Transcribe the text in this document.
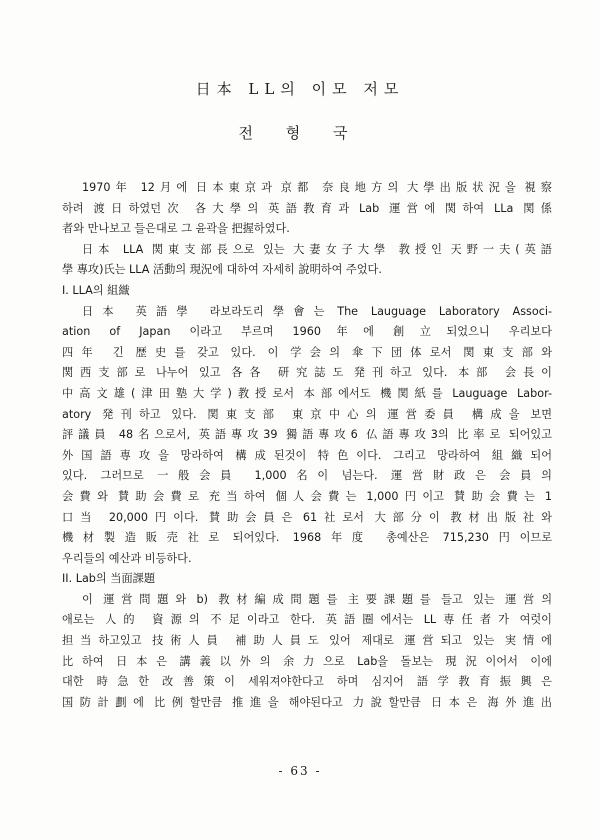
日本 LL의 이모 저모
전 형 국
1970年 12月에 日本東京과 京都 奈良地方의 大學出版状況을 視察
하려 渡日하였던次 各大學의 英語教育과 Lab 運営에 関하여 LLa 関係
者와 만나보고 들은대로 그 윤곽을 把握하였다.
日本 LLA 関東支部長으로 있는 大妻女子大學 教授인 天野一夫(英語
學 專攻)氏는 LLA 活動의 現況에 대하여 자세히 說明하여 주었다.
I. LLA의 組織
日本 英語學 라보라도리學會는 The Lauguage Laboratory Associ-
ation of Japan 이라고 부르며 1960年에 創立되었으니 우리보다
四年 긴 歴史를 갖고 있다. 이 学会의 傘下団体로서 関東支部와
関西支部로 나누어 있고 各各 研究誌도 発刊하고 있다. 本部 会長이
中高文雄(津田塾大学)教授로서 本部에서도 機関紙를 Lauguage Labor-
atory 発刊하고 있다. 関東支部 東京中心의 運営委員 構成을 보면
評議員 48名으로서, 英語專攻39 獨語專攻6 仏語專攻3의 比率로 되어있고
外国語専攻을 망라하여 構成된것이 特色이다. 그리고 망라하여 組織되어
있다. 그러므로 一般会員 1,000名이 넘는다. 運営財政은 会員의
会費와 賛助会費로 充当하여 個人会費는 1,000円이고 賛助会費는 1
口当 20,000円이다. 賛助会員은 61社로서 大部分이 教材出版社와
機材製造販売社로 되어있다. 1968年度 총예산은 715,230円이므로
우리들의 예산과 비등하다.
II. Lab의 当面課題
이 運営問題와 b) 教材編成問題를 主要課題를 들고 있는 運営의
애로는 人的 資源의 不足이라고 한다. 英語圈에서는 LL専任者가 여럿이
担当하고있고 技術人員 補助人員도 있어 제대로 運営되고 있는 実情에
比하여 日本은 講義以外의 余力으로 Lab을 돌보는 現況이어서 이에
대한 時急한 改善策이 세워져야한다고 하며 심지어 語学教育振興은
国防計劃에 比例할만큼 推進을 해야된다고 力說할만큼 日本은 海外進出
- 63 -
